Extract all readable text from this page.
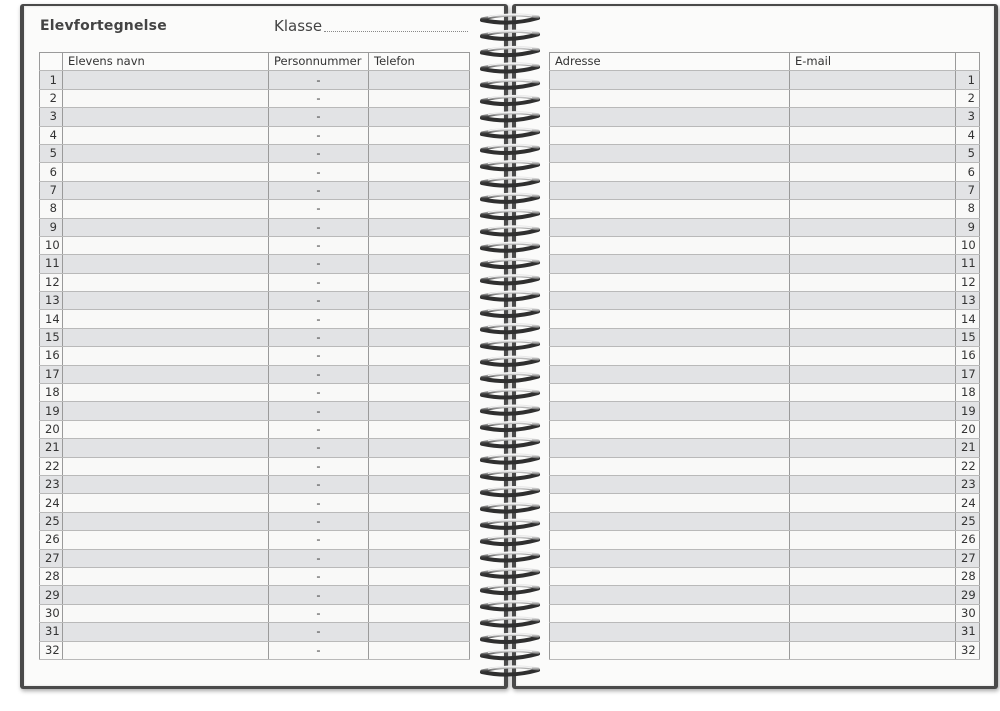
Elevfortegnelse	Klasse
	Elevens navn	Personnummer	Telefon
1		-	
2		-	
3		-	
4		-	
5		-	
6		-	
7		-	
8		-	
9		-	
10		-	
11		-	
12		-	
13		-	
14		-	
15		-	
16		-	
17		-	
18		-	
19		-	
20		-	
21		-	
22		-	
23		-	
24		-	
25		-	
26		-	
27		-	
28		-	
29		-	
30		-	
31		-	
32		-	
Adresse	E-mail	
		1
		2
		3
		4
		5
		6
		7
		8
		9
		10
		11
		12
		13
		14
		15
		16
		17
		18
		19
		20
		21
		22
		23
		24
		25
		26
		27
		28
		29
		30
		31
		32
